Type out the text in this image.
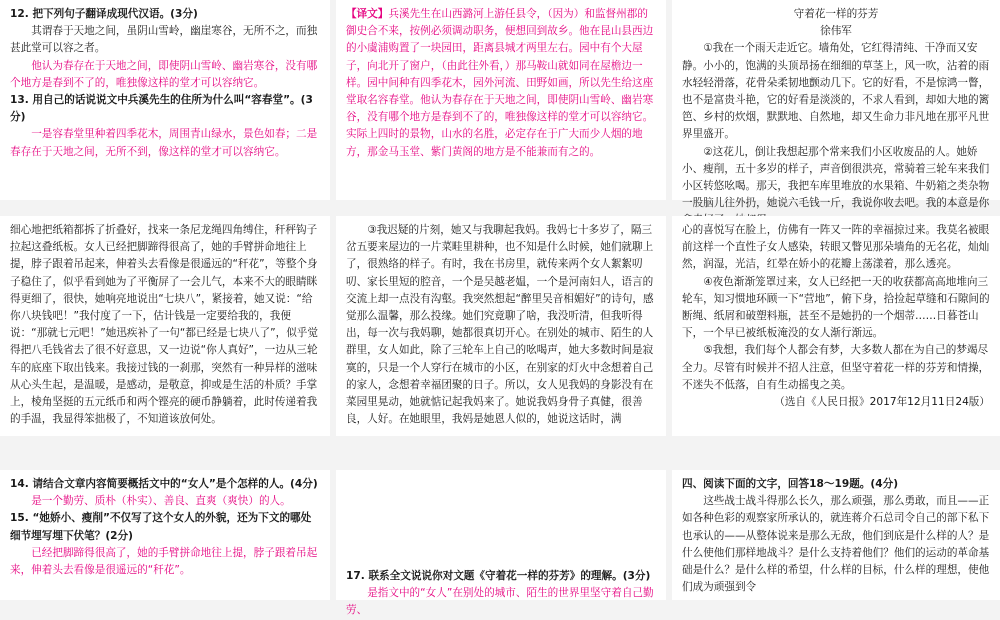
12. 把下列句子翻译成现代汉语。(3分)

其谓春于天地之间，虽阴山雪岭，幽崖寒谷，无所不之，而独甚此堂可以容之者。

他认为春存在于天地之间，即使阴山雪岭、幽岩寒谷，没有哪个地方是春到不了的，唯独像这样的堂才可以容纳它。

13. 用自己的话说说文中兵溪先生的住所为什么叫“容春堂”。(3分)

一是容春堂里种着四季花木，周围青山绿水，景色如春；二是春存在于天地之间，无所不到，像这样的堂才可以容纳它。

【译文】兵溪先生在山西潞河上游任县令，（因为）和监督州郡的御史合不来，按例必须调动职务，便想回到故乡。他在昆山县西边的小虞浦购置了一块园田，距离县城才两里左右。园中有个大屋子，向北开了窗户，（由此往外看，）那马鞍山就如同在屋檐边一样。园中间种有四季花木，园外河流、田野如画，所以先生给这座堂取名容春堂。他认为春存在于天地之间，即使阴山雪岭、幽岩寒谷，没有哪个地方是春到不了的，唯独像这样的堂才可以容纳它。实际上四时的景物，山水的名胜，必定存在于广大而少人烟的地方，那金马玉堂、紫门黄阁的地方是不能兼而有之的。

守着花一样的芬芳

徐伟军

①我在一个雨天走近它。墙角处，它红得清纯、干净而又安静。小小的，饱满的头顶昂扬在细细的草茎上，风一吹，沾着的雨水轻轻滑落，花骨朵柔韧地颤动几下。它的好看，不是惊鸿一瞥，也不是富贵斗艳，它的好看是淡淡的，不求人看到，却如大地的篱笆、乡村的炊烟，默默地、自然地，却又生命力非凡地在那平凡世界里盛开。

②这花儿，倒让我想起那个常来我们小区收废品的人。她娇小、瘦削，五十多岁的样子，声音倒很洪亮，常骑着三轮车来我们小区转悠吆喝。那天，我把车库里堆放的水果箱、牛奶箱之类杂物一股脑儿往外扔，她说六毛钱一斤，我说你收去吧。我的本意是你

细心地把纸箱都拆了折叠好，找来一条尼龙绳四角缚住，秆秤钩子拉起这叠纸板。女人已经把脚蹄得很高了，她的手臂拼命地往上提，脖子跟着吊起来，伸着头去看像是很遥远的“秆花”，等整个身子稳住了，似乎看到她为了平衡屏了一会儿气，本来不大的眼睛眯得更细了，很快，她响亮地说出“七块八”，紧接着，她又说：“给你八块钱吧！”我付度了一下，估计钱是一定要给我的，我便说：“那就七元吧！”她迅疾补了一句“都已经是七块八了”，似乎觉得把八毛钱省去了很不好意思，又一边说“你人真好”，一边从三轮车的底座下取出钱来。我接过钱的一刹那，突然有一种异样的滋味从心头生起，是温暖，是感动，是敬意，抑或是生活的朴质？手掌上，棱角坚挺的五元纸币和两个铿亮的硬币静躺着，此时传递着我的手温，我显得笨拙极了，不知道该放何处。

③我迟疑的片刻，她又与我聊起我妈。我妈七十多岁了，隔三岔五要来屋边的一片菜畦里耕种，也不知是什么时候，她们就聊上了，很熟络的样子。有时，我在书房里，就传来两个女人絮絮叨叨、家长里短的腔音，一个是吴越老媪，一个是河南妇人，语言的交流上却一点没有沟壑。我突然想起“醉里吴音相媚好”的诗句，感觉那么温馨，那么投缘。她们究竟聊了啥，我没听清，但我听得出，每一次与我妈聊，她都很真切开心。在别处的城市、陌生的人群里，女人如此，除了三轮车上自己的吆喝声，她大多数时间是寂寞的，只是一个人穿行在城市的小区，在别家的灯火中念想着自己的家人，念想着幸福团聚的日子。所以，女人见我妈的身影没有在菜园里晃动，她就惦记起我妈来了。她说我妈身骨子真健，很善良，人好。在她眼里，我妈是她恩人似的，她说这话时，满

心的喜悦写在脸上，仿佛有一阵又一阵的幸福掠过来。我莫名被眼前这样一个直性子女人感染，转眼又瞥见那朵墙角的无名花，灿灿然，润湿，光洁，红晕在娇小的花瓣上荡漾着，那么透亮。

④夜色渐渐笼罩过来，女人已经把一天的收获都高高地堆向三轮车，知习惯地环顾一下“营地”，俯下身，拾捡起草缝和石隙间的断绳、纸屑和破塑料瓶，甚至不是她扔的一个烟蒂……日暮苍山下，一个早已被纸板淹没的女人渐行渐远。

⑤我想，我们每个人都会有梦，大多数人都在为自己的梦竭尽全力。尽管有时候并不招人注意，但坚守着花一样的芬芳和情操，不迷失不低落，自有生动摇曳之美。

（选自《人民日报》2017年12月11日24版）

14. 请结合文章内容简要概括文中的“女人”是个怎样的人。(4分)

是一个勤劳、质朴（朴实）、善良、直爽（爽快）的人。

15. “她娇小、瘦削”不仅写了这个女人的外貌，还为下文的哪处细节埋写埋下伏笔？(2分)

已经把脚蹄得很高了，她的手臂拼命地往上提，脖子跟着吊起来，伸着头去看像是很遥远的“秆花”。	17. 联系全文说说你对文题《守着花一样的芬芳》的理解。(3分)

是指文中的“女人”在别处的城市、陌生的世界里坚守着自己勤劳、

四、阅读下面的文字，回答18～19题。(4分)

这些战士战斗得那么长久，那么顽强，那么勇敢，而且——正如各种色彩的观察家所承认的，就连蒋介石总司令自己的部下私下也承认的——从整体说来是那么无敌，他们到底是什么样的人？是什么使他们那样地战斗？是什么支持着他们？他们的运动的革命基础是什么？是什么样的希望，什么样的目标，什么样的理想，使他们成为顽强到令
